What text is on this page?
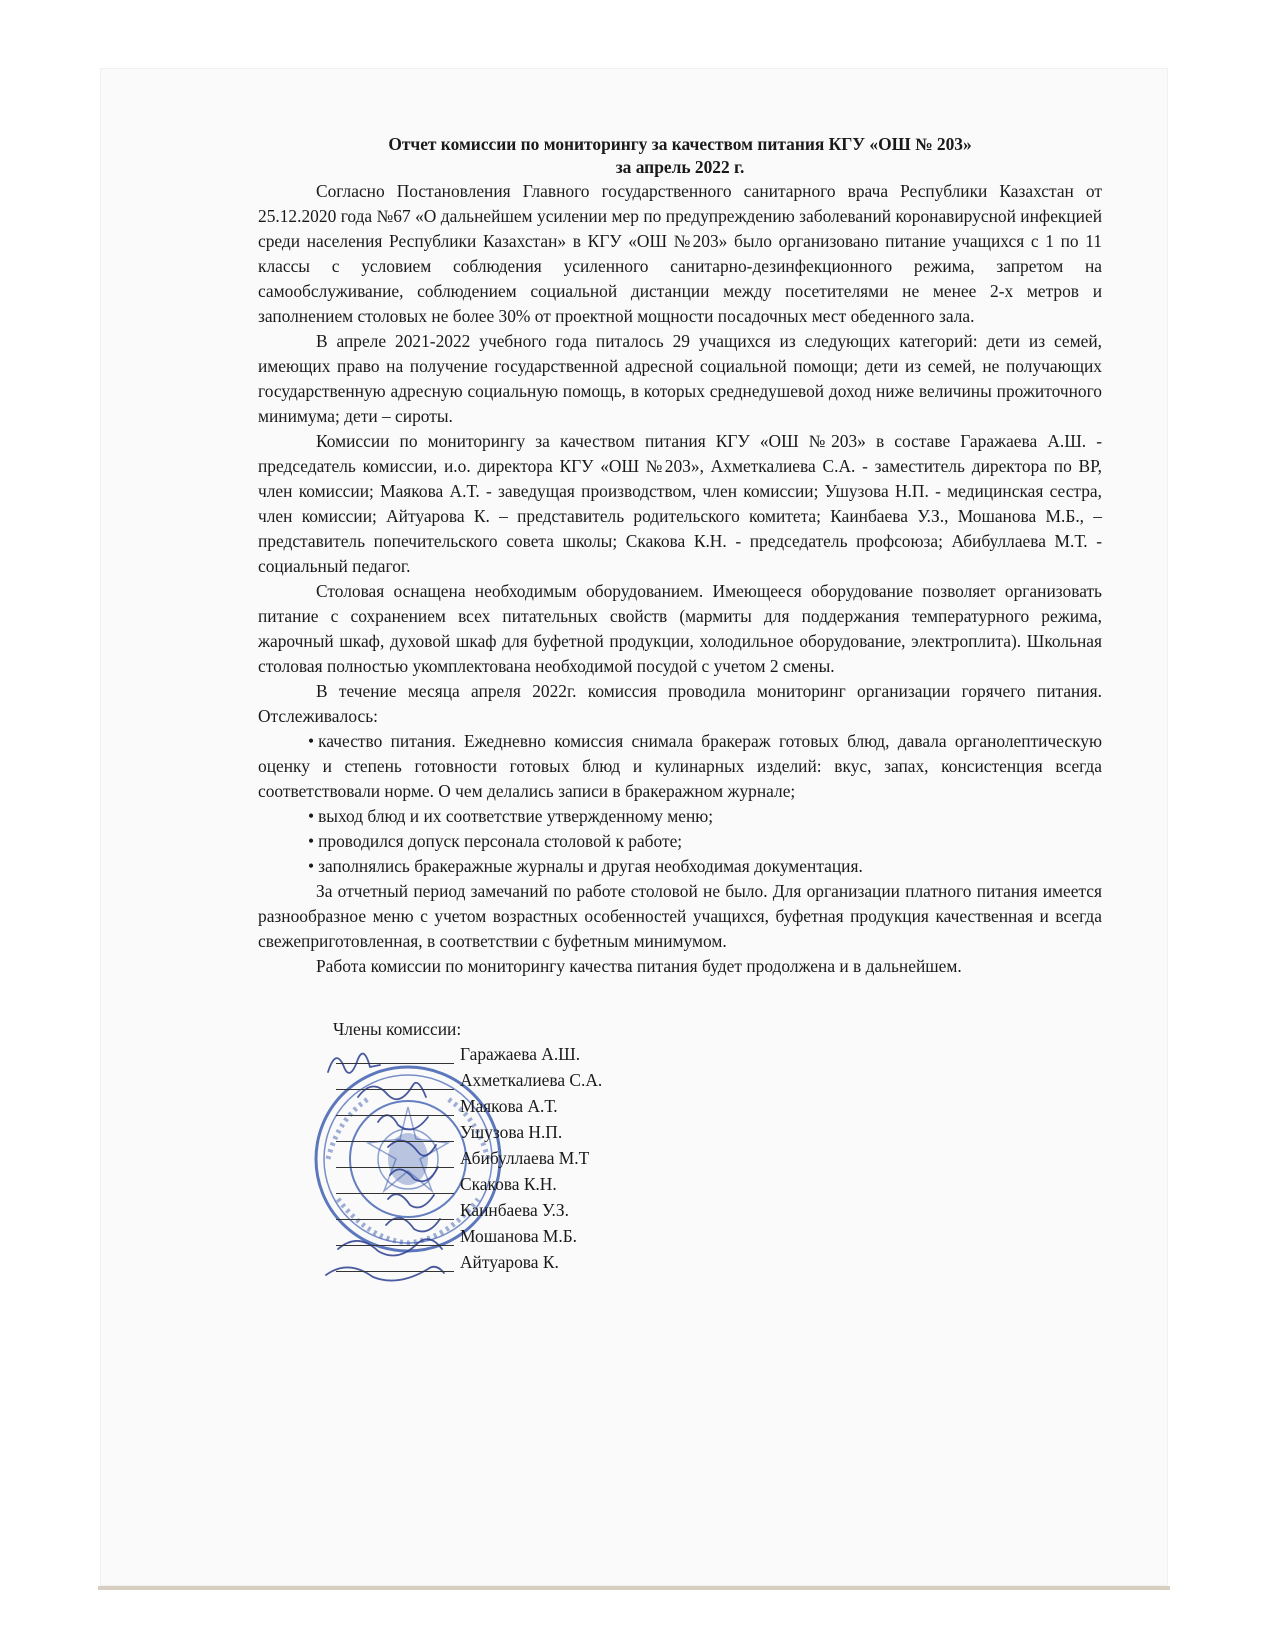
Отчет комиссии по мониторингу за качеством питания КГУ «ОШ № 203»
за апрель 2022 г.

Согласно Постановления Главного государственного санитарного врача Республики Казахстан от 25.12.2020 года №67 «О дальнейшем усилении мер по предупреждению заболеваний коронавирусной инфекцией среди населения Республики Казахстан» в КГУ «ОШ №203» было организовано питание учащихся с 1 по 11 классы с условием соблюдения усиленного санитарно-дезинфекционного режима, запретом на самообслуживание, соблюдением социальной дистанции между посетителями не менее 2-х метров и заполнением столовых не более 30% от проектной мощности посадочных мест обеденного зала.

В апреле 2021-2022 учебного года питалось 29 учащихся из следующих категорий: дети из семей, имеющих право на получение государственной адресной социальной помощи; дети из семей, не получающих государственную адресную социальную помощь, в которых среднедушевой доход ниже величины прожиточного минимума; дети – сироты.

Комиссии по мониторингу за качеством питания КГУ «ОШ №203» в составе Гаражаева А.Ш. - председатель комиссии, и.о. директора КГУ «ОШ №203», Ахметкалиева С.А. - заместитель директора по ВР, член комиссии; Маякова А.Т. - заведущая производством, член комиссии; Ушузова Н.П. - медицинская сестра, член комиссии; Айтуарова К. – представитель родительского комитета; Каинбаева У.З., Мошанова М.Б., – представитель попечительского совета школы; Скакова К.Н. - председатель профсоюза; Абибуллаева М.Т. - социальный педагог.

Столовая оснащена необходимым оборудованием. Имеющееся оборудование позволяет организовать питание с сохранением всех питательных свойств (мармиты для поддержания температурного режима, жарочный шкаф, духовой шкаф для буфетной продукции, холодильное оборудование, электроплита). Школьная столовая полностью укомплектована необходимой посудой с учетом 2 смены.

В течение месяца апреля 2022г. комиссия проводила мониторинг организации горячего питания. Отслеживалось:

• качество питания. Ежедневно комиссия снимала бракераж готовых блюд, давала органолептическую оценку и степень готовности готовых блюд и кулинарных изделий: вкус, запах, консистенция всегда соответствовали норме. О чем делались записи в бракеражном журнале;
• выход блюд и их соответствие утвержденному меню;
• проводился допуск персонала столовой к работе;
• заполнялись бракеражные журналы и другая необходимая документация.

За отчетный период замечаний по работе столовой не было. Для организации платного питания имеется разнообразное меню с учетом возрастных особенностей учащихся, буфетная продукция качественная и всегда свежеприготовленная, в соответствии с буфетным минимумом.

Работа комиссии по мониторингу качества питания будет продолжена и в дальнейшем.

Члены комиссии:
Гаражаева А.Ш.
Ахметкалиева С.А.
Маякова А.Т.
Ушузова Н.П.
Абибуллаева М.Т
Скакова К.Н.
Каинбаева У.З.
Мошанова М.Б.
Айтуарова К.
